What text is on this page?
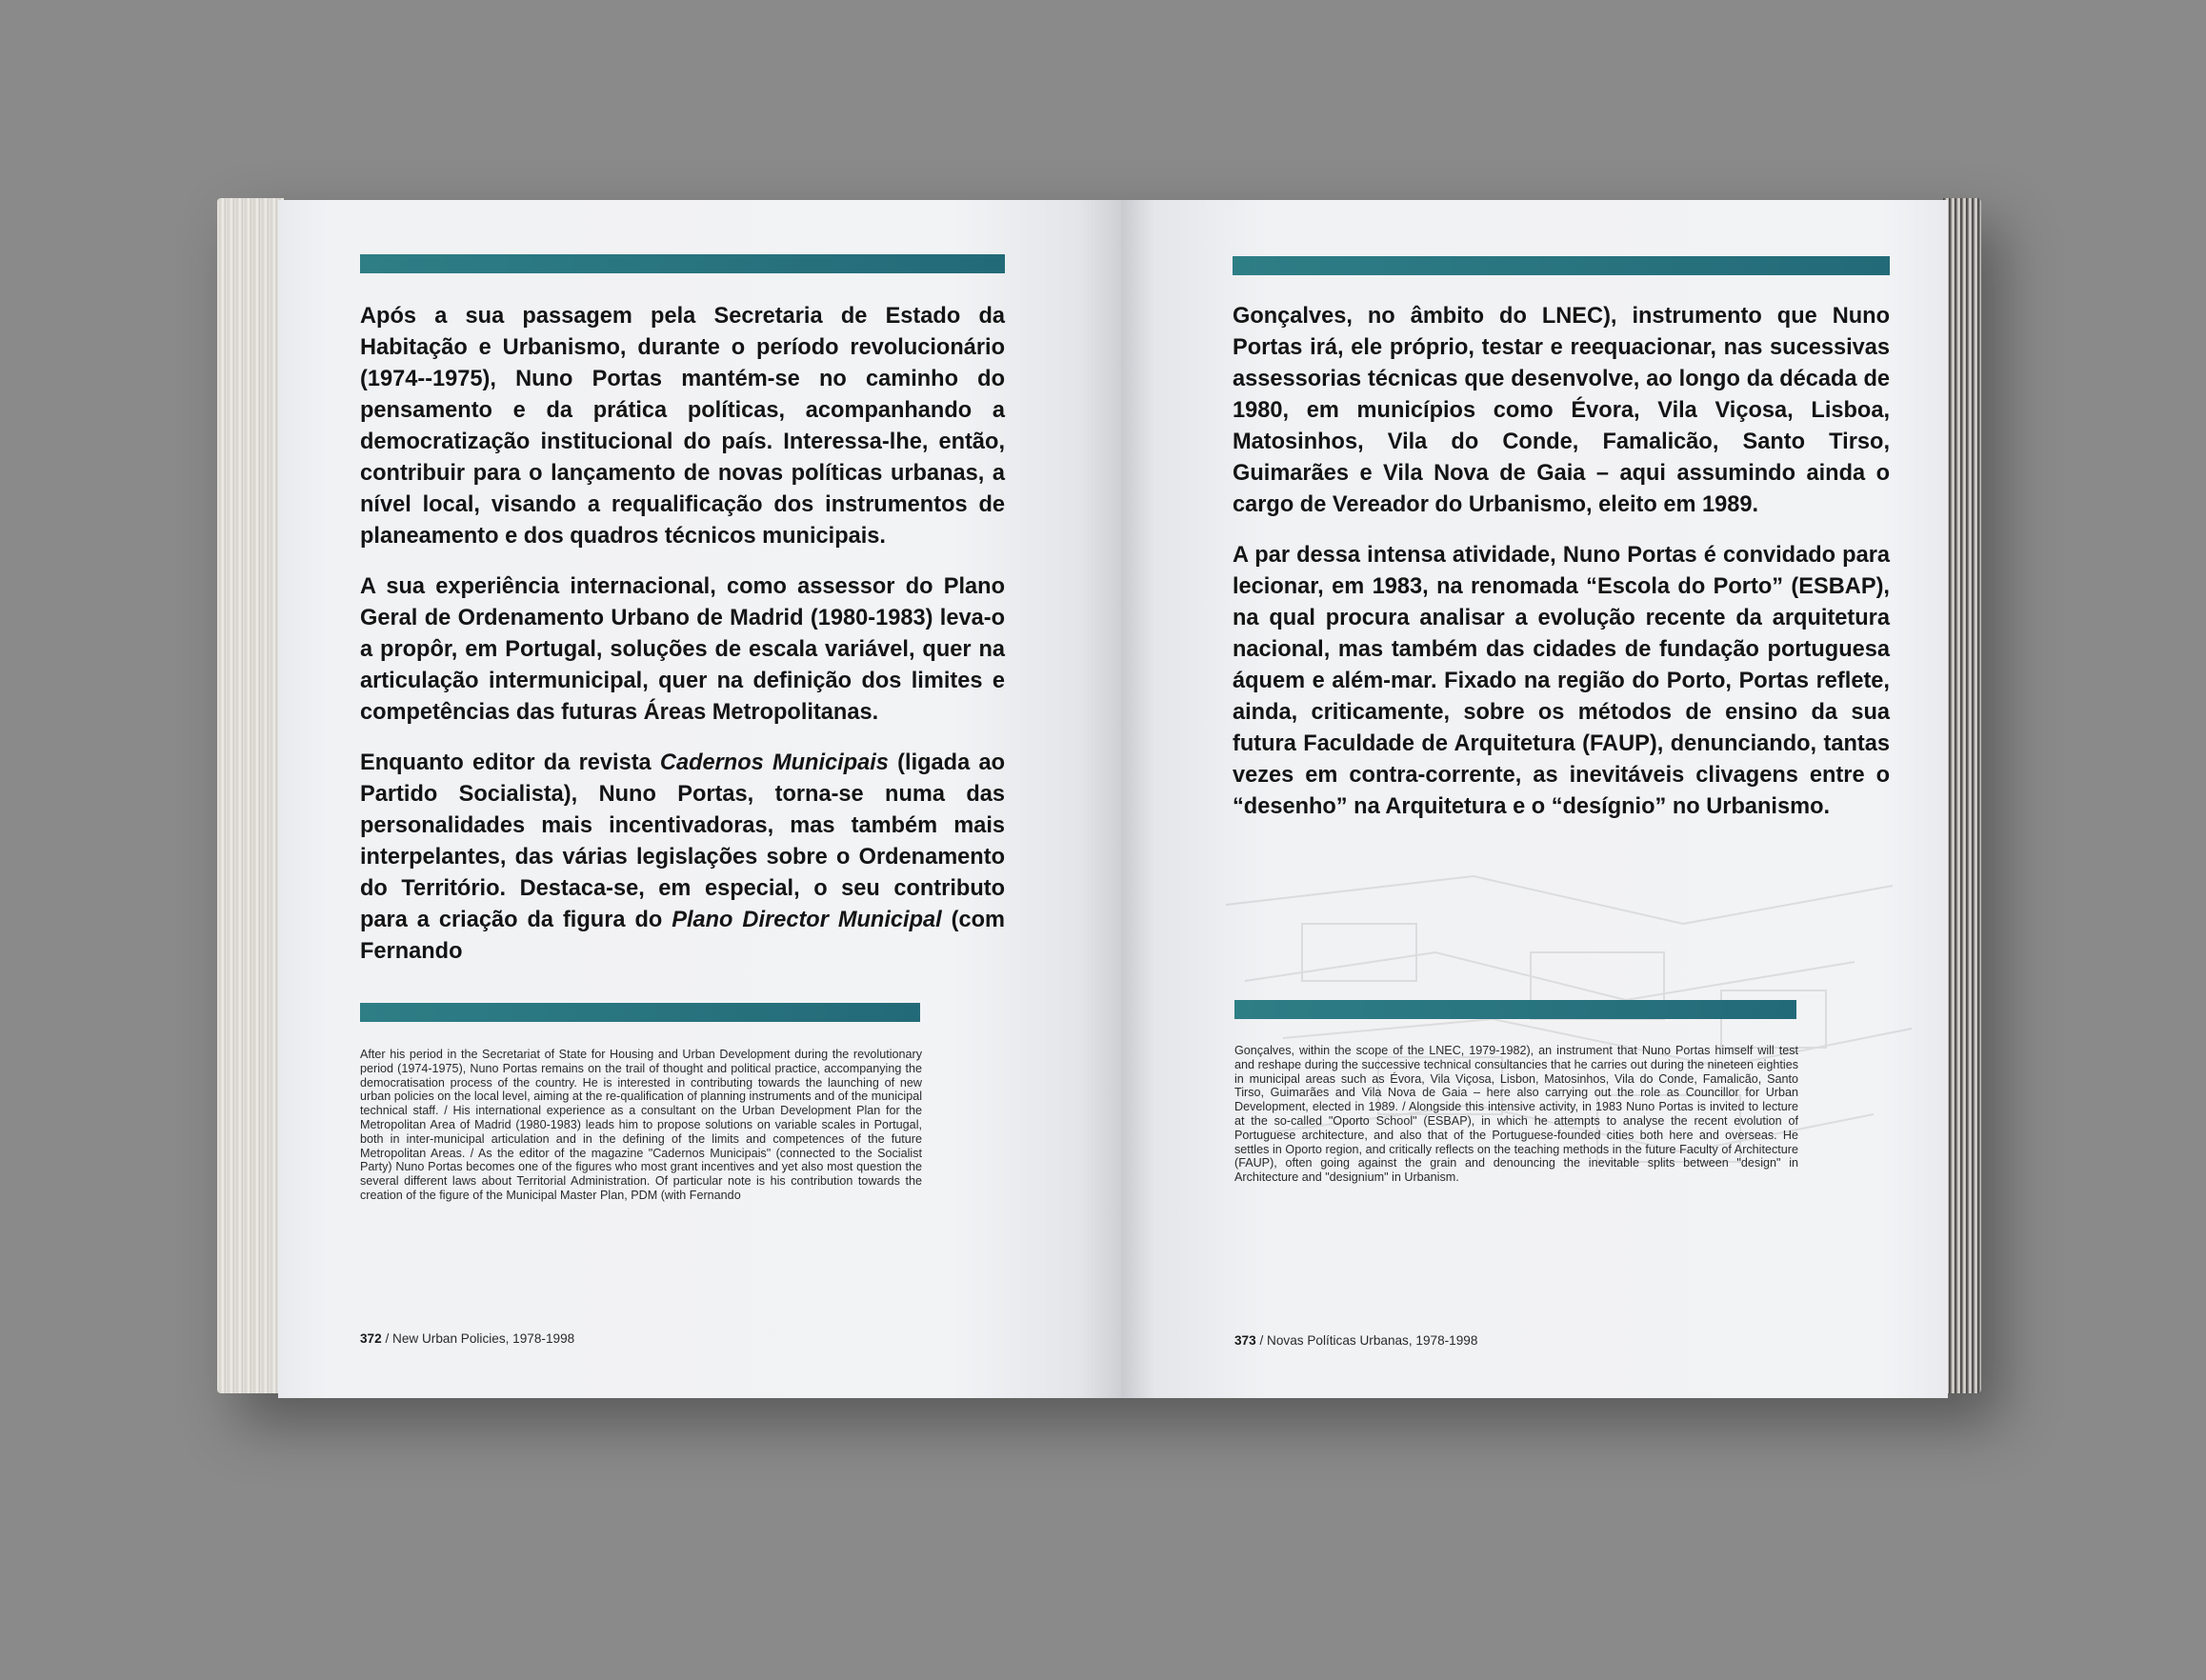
Após a sua passagem pela Secretaria de Estado da Habitação e Urbanismo, durante o período revolucionário (1974--1975), Nuno Portas mantém-se no caminho do pensamento e da prática políticas, acompanhando a democratização institucional do país. Interessa-lhe, então, contribuir para o lançamento de novas políticas urbanas, a nível local, visando a requalificação dos instrumentos de planeamento e dos quadros técnicos municipais.

A sua experiência internacional, como assessor do Plano Geral de Ordenamento Urbano de Madrid (1980-1983) leva-o a propôr, em Portugal, soluções de escala variável, quer na articulação intermunicipal, quer na definição dos limites e competências das futuras Áreas Metropolitanas.

Enquanto editor da revista Cadernos Municipais (ligada ao Partido Socialista), Nuno Portas, torna-se numa das personalidades mais incentivadoras, mas também mais interpelantes, das várias legislações sobre o Ordenamento do Território. Destaca-se, em especial, o seu contributo para a criação da figura do Plano Director Municipal (com Fernando

After his period in the Secretariat of State for Housing and Urban Development during the revolutionary period (1974-1975), Nuno Portas remains on the trail of thought and political practice, accompanying the democratisation process of the country. He is interested in contributing towards the launching of new urban policies on the local level, aiming at the re-qualification of planning instruments and of the municipal technical staff. / His international experience as a consultant on the Urban Development Plan for the Metropolitan Area of Madrid (1980-1983) leads him to propose solutions on variable scales in Portugal, both in inter-municipal articulation and in the defining of the limits and competences of the future Metropolitan Areas. / As the editor of the magazine "Cadernos Municipais" (connected to the Socialist Party) Nuno Portas becomes one of the figures who most grant incentives and yet also most question the several different laws about Territorial Administration. Of particular note is his contribution towards the creation of the figure of the Municipal Master Plan, PDM (with Fernando

372 / New Urban Policies, 1978-1998

Gonçalves, no âmbito do LNEC), instrumento que Nuno Portas irá, ele próprio, testar e reequacionar, nas sucessivas assessorias técnicas que desenvolve, ao longo da década de 1980, em municípios como Évora, Vila Viçosa, Lisboa, Matosinhos, Vila do Conde, Famalicão, Santo Tirso, Guimarães e Vila Nova de Gaia – aqui assumindo ainda o cargo de Vereador do Urbanismo, eleito em 1989.

A par dessa intensa atividade, Nuno Portas é convidado para lecionar, em 1983, na renomada “Escola do Porto” (ESBAP), na qual procura analisar a evolução recente da arquitetura nacional, mas também das cidades de fundação portuguesa áquem e além-mar. Fixado na região do Porto, Portas reflete, ainda, criticamente, sobre os métodos de ensino da sua futura Faculdade de Arquitetura (FAUP), denunciando, tantas vezes em contra-corrente, as inevitáveis clivagens entre o “desenho” na Arquitetura e o “desígnio” no Urbanismo.

Gonçalves, within the scope of the LNEC, 1979-1982), an instrument that Nuno Portas himself will test and reshape during the successive technical consultancies that he carries out during the nineteen eighties in municipal areas such as Évora, Vila Viçosa, Lisbon, Matosinhos, Vila do Conde, Famalicão, Santo Tirso, Guimarães and Vila Nova de Gaia – here also carrying out the role as Councillor for Urban Development, elected in 1989. / Alongside this intensive activity, in 1983 Nuno Portas is invited to lecture at the so-called "Oporto School" (ESBAP), in which he attempts to analyse the recent evolution of Portuguese architecture, and also that of the Portuguese-founded cities both here and overseas. He settles in Oporto region, and critically reflects on the teaching methods in the future Faculty of Architecture (FAUP), often going against the grain and denouncing the inevitable splits between "design" in Architecture and "designium" in Urbanism.

373 / Novas Políticas Urbanas, 1978-1998
